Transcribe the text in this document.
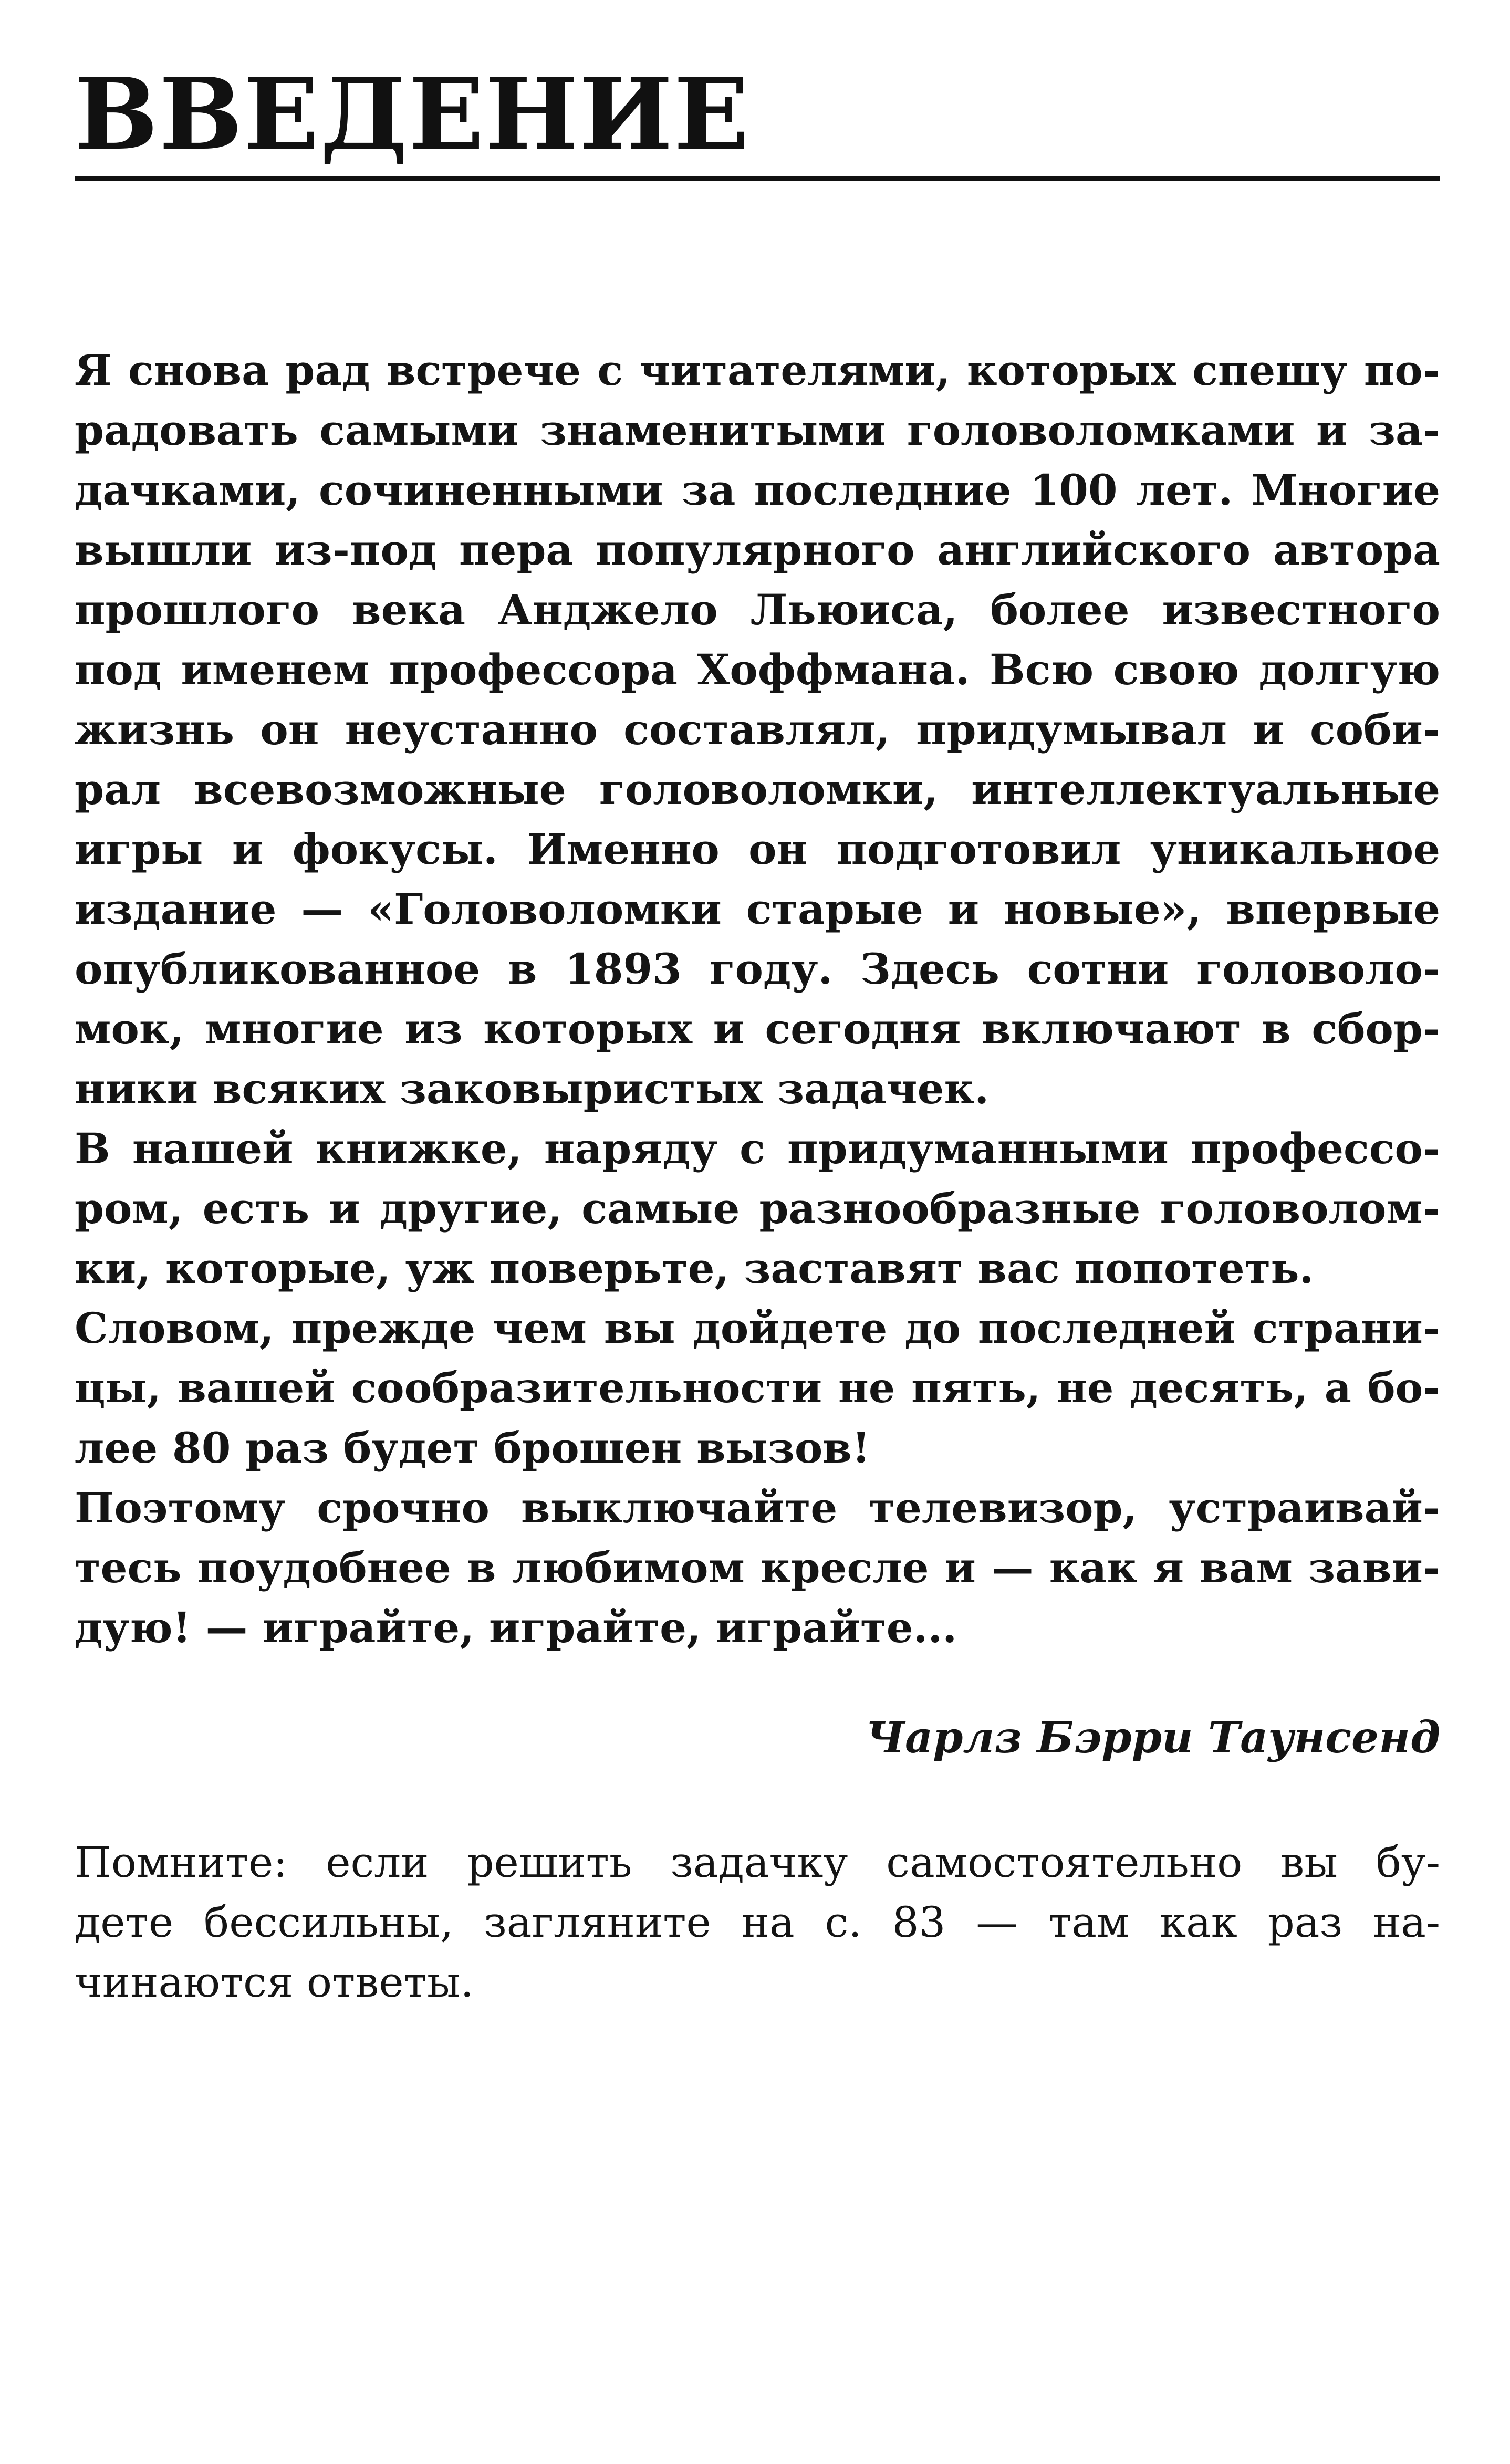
ВВЕДЕНИЕ
Я снова рад встрече с читателями, которых спешу по-
радовать самыми знаменитыми головоломками и за-
дачками, сочиненными за последние 100 лет. Многие
вышли из-под пера популярного английского автора
прошлого века Анджело Льюиса, более известного
под именем профессора Хоффмана. Всю свою долгую
жизнь он неустанно составлял, придумывал и соби-
рал всевозможные головоломки, интеллектуальные
игры и фокусы. Именно он подготовил уникальное
издание — «Головоломки старые и новые», впервые
опубликованное в 1893 году. Здесь сотни головоло-
мок, многие из которых и сегодня включают в сбор-
ники всяких заковыристых задачек.
В нашей книжке, наряду с придуманными профессо-
ром, есть и другие, самые разнообразные головолом-
ки, которые, уж поверьте, заставят вас попотеть.
Словом, прежде чем вы дойдете до последней страни-
цы, вашей сообразительности не пять, не десять, а бо-
лее 80 раз будет брошен вызов!
Поэтому срочно выключайте телевизор, устраивай-
тесь поудобнее в любимом кресле и — как я вам зави-
дую! — играйте, играйте, играйте...
Чарлз Бэрри Таунсенд
Помните: если решить задачку самостоятельно вы бу-
дете бессильны, загляните на с. 83 — там как раз на-
чинаются ответы.
